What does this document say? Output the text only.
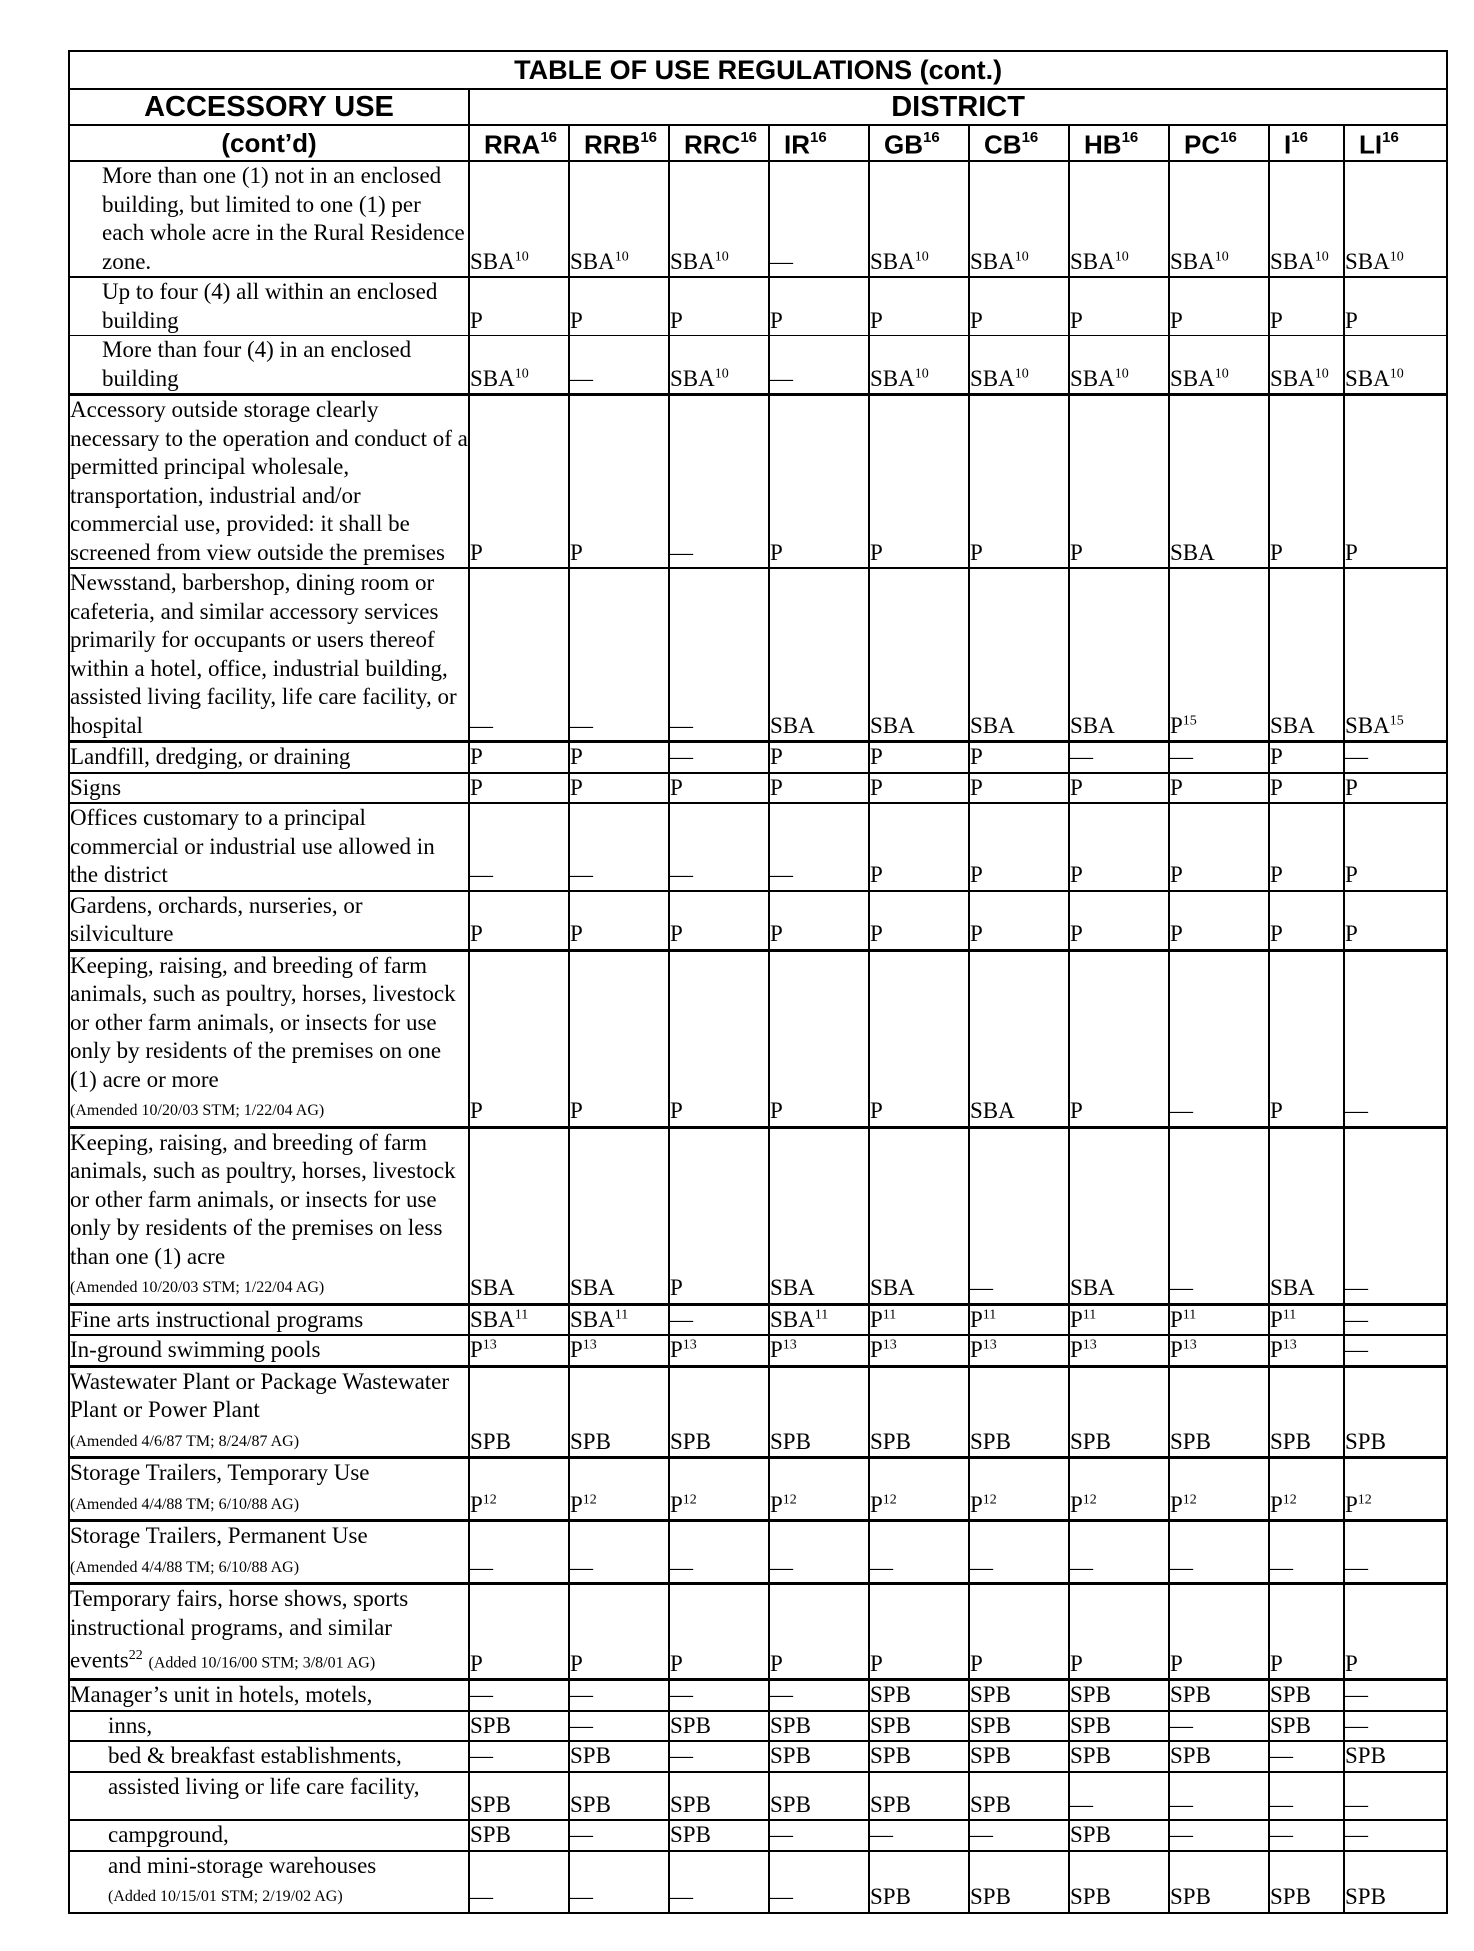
TABLE OF USE REGULATIONS (cont.)										
ACCESSORY USE	DISTRICT									
(cont’d)	RRA$^{16}$	RRB$^{16}$	RRC$^{16}$	IR$^{16}$	GB$^{16}$	CB$^{16}$	HB$^{16}$	PC$^{16}$	$I^{16}$	LI$^{16}$
More than one (1) not in an enclosed building, but limited to one (1) per each whole acre in the Rural Residence zone.	SBA$^{10}$	SBA$^{10}$	SBA$^{10}$	—	SBA$^{10}$	SBA$^{10}$	SBA$^{10}$	SBA$^{10}$	SBA$^{10}$	SBA$^{10}$
Up to four (4) all within an enclosed building	P	P	P	P	P	P	P	P	P	P
More than four (4) in an enclosed building	SBA$^{10}$	—	SBA$^{10}$	—	SBA$^{10}$	SBA$^{10}$	SBA$^{10}$	SBA$^{10}$	SBA$^{10}$	SBA$^{10}$
Accessory outside storage clearly necessary to the operation and conduct of a permitted principal wholesale, transportation, industrial and/or commercial use, provided: it shall be screened from view outside the premises	P	P	—	P	P	P	P	SBA	P	P
Newsstand, barbershop, dining room or cafeteria, and similar accessory services primarily for occupants or users thereof within a hotel, office, industrial building, assisted living facility, life care facility, or hospital	—	—	—	SBA	SBA	SBA	SBA	$P^{15}$	SBA	SBA$^{15}$
Landfill, dredging, or draining	P	P	—	P	P	P	—	—	P	—
Signs	P	P	P	P	P	P	P	P	P	P
Offices customary to a principal commercial or industrial use allowed in the district	—	—	—	—	P	P	P	P	P	P
Gardens, orchards, nurseries, or silviculture	P	P	P	P	P	P	P	P	P	P
Keeping, raising, and breeding of farm animals, such as poultry, horses, livestock or other farm animals, or insects for use only by residents of the premises on one (1) acre or more
(Amended 10/20/03 STM; 1/22/04 AG)	P	P	P	P	P	SBA	P	—	P	—
Keeping, raising, and breeding of farm animals, such as poultry, horses, livestock or other farm animals, or insects for use only by residents of the premises on less than one (1) acre
(Amended 10/20/03 STM; 1/22/04 AG)	SBA	SBA	P	SBA	SBA	—	SBA	—	SBA	—
Fine arts instructional programs	SBA$^{11}$	SBA$^{11}$	—	SBA$^{11}$	$P^{11}$	$P^{11}$	$P^{11}$	$P^{11}$	$P^{11}$	—
In-ground swimming pools	$P^{13}$	$P^{13}$	$P^{13}$	$P^{13}$	$P^{13}$	$P^{13}$	$P^{13}$	$P^{13}$	$P^{13}$	—
Wastewater Plant or Package Wastewater Plant or Power Plant
(Amended 4/6/87 TM; 8/24/87 AG)	SPB	SPB	SPB	SPB	SPB	SPB	SPB	SPB	SPB	SPB
Storage Trailers, Temporary Use
(Amended 4/4/88 TM; 6/10/88 AG)	$P^{12}$	$P^{12}$	$P^{12}$	$P^{12}$	$P^{12}$	$P^{12}$	$P^{12}$	$P^{12}$	$P^{12}$	$P^{12}$
Storage Trailers, Permanent Use
(Amended 4/4/88 TM; 6/10/88 AG)	—	—	—	—	—	—	—	—	—	—
Temporary fairs, horse shows, sports instructional programs, and similar events$^{22}$ (Added 10/16/00 STM; 3/8/01 AG)	P	P	P	P	P	P	P	P	P	P
Manager’s unit in hotels, motels,	—	—	—	—	SPB	SPB	SPB	SPB	SPB	—
inns,	SPB	—	SPB	SPB	SPB	SPB	SPB	—	SPB	—
bed & breakfast establishments,	—	SPB	—	SPB	SPB	SPB	SPB	SPB	—	SPB
assisted living or life care facility,	SPB	SPB	SPB	SPB	SPB	SPB	—	—	—	—
campground,	SPB	—	SPB	—	—	—	SPB	—	—	—
and mini-storage warehouses
(Added 10/15/01 STM; 2/19/02 AG)	—	—	—	—	SPB	SPB	SPB	SPB	SPB	SPB
